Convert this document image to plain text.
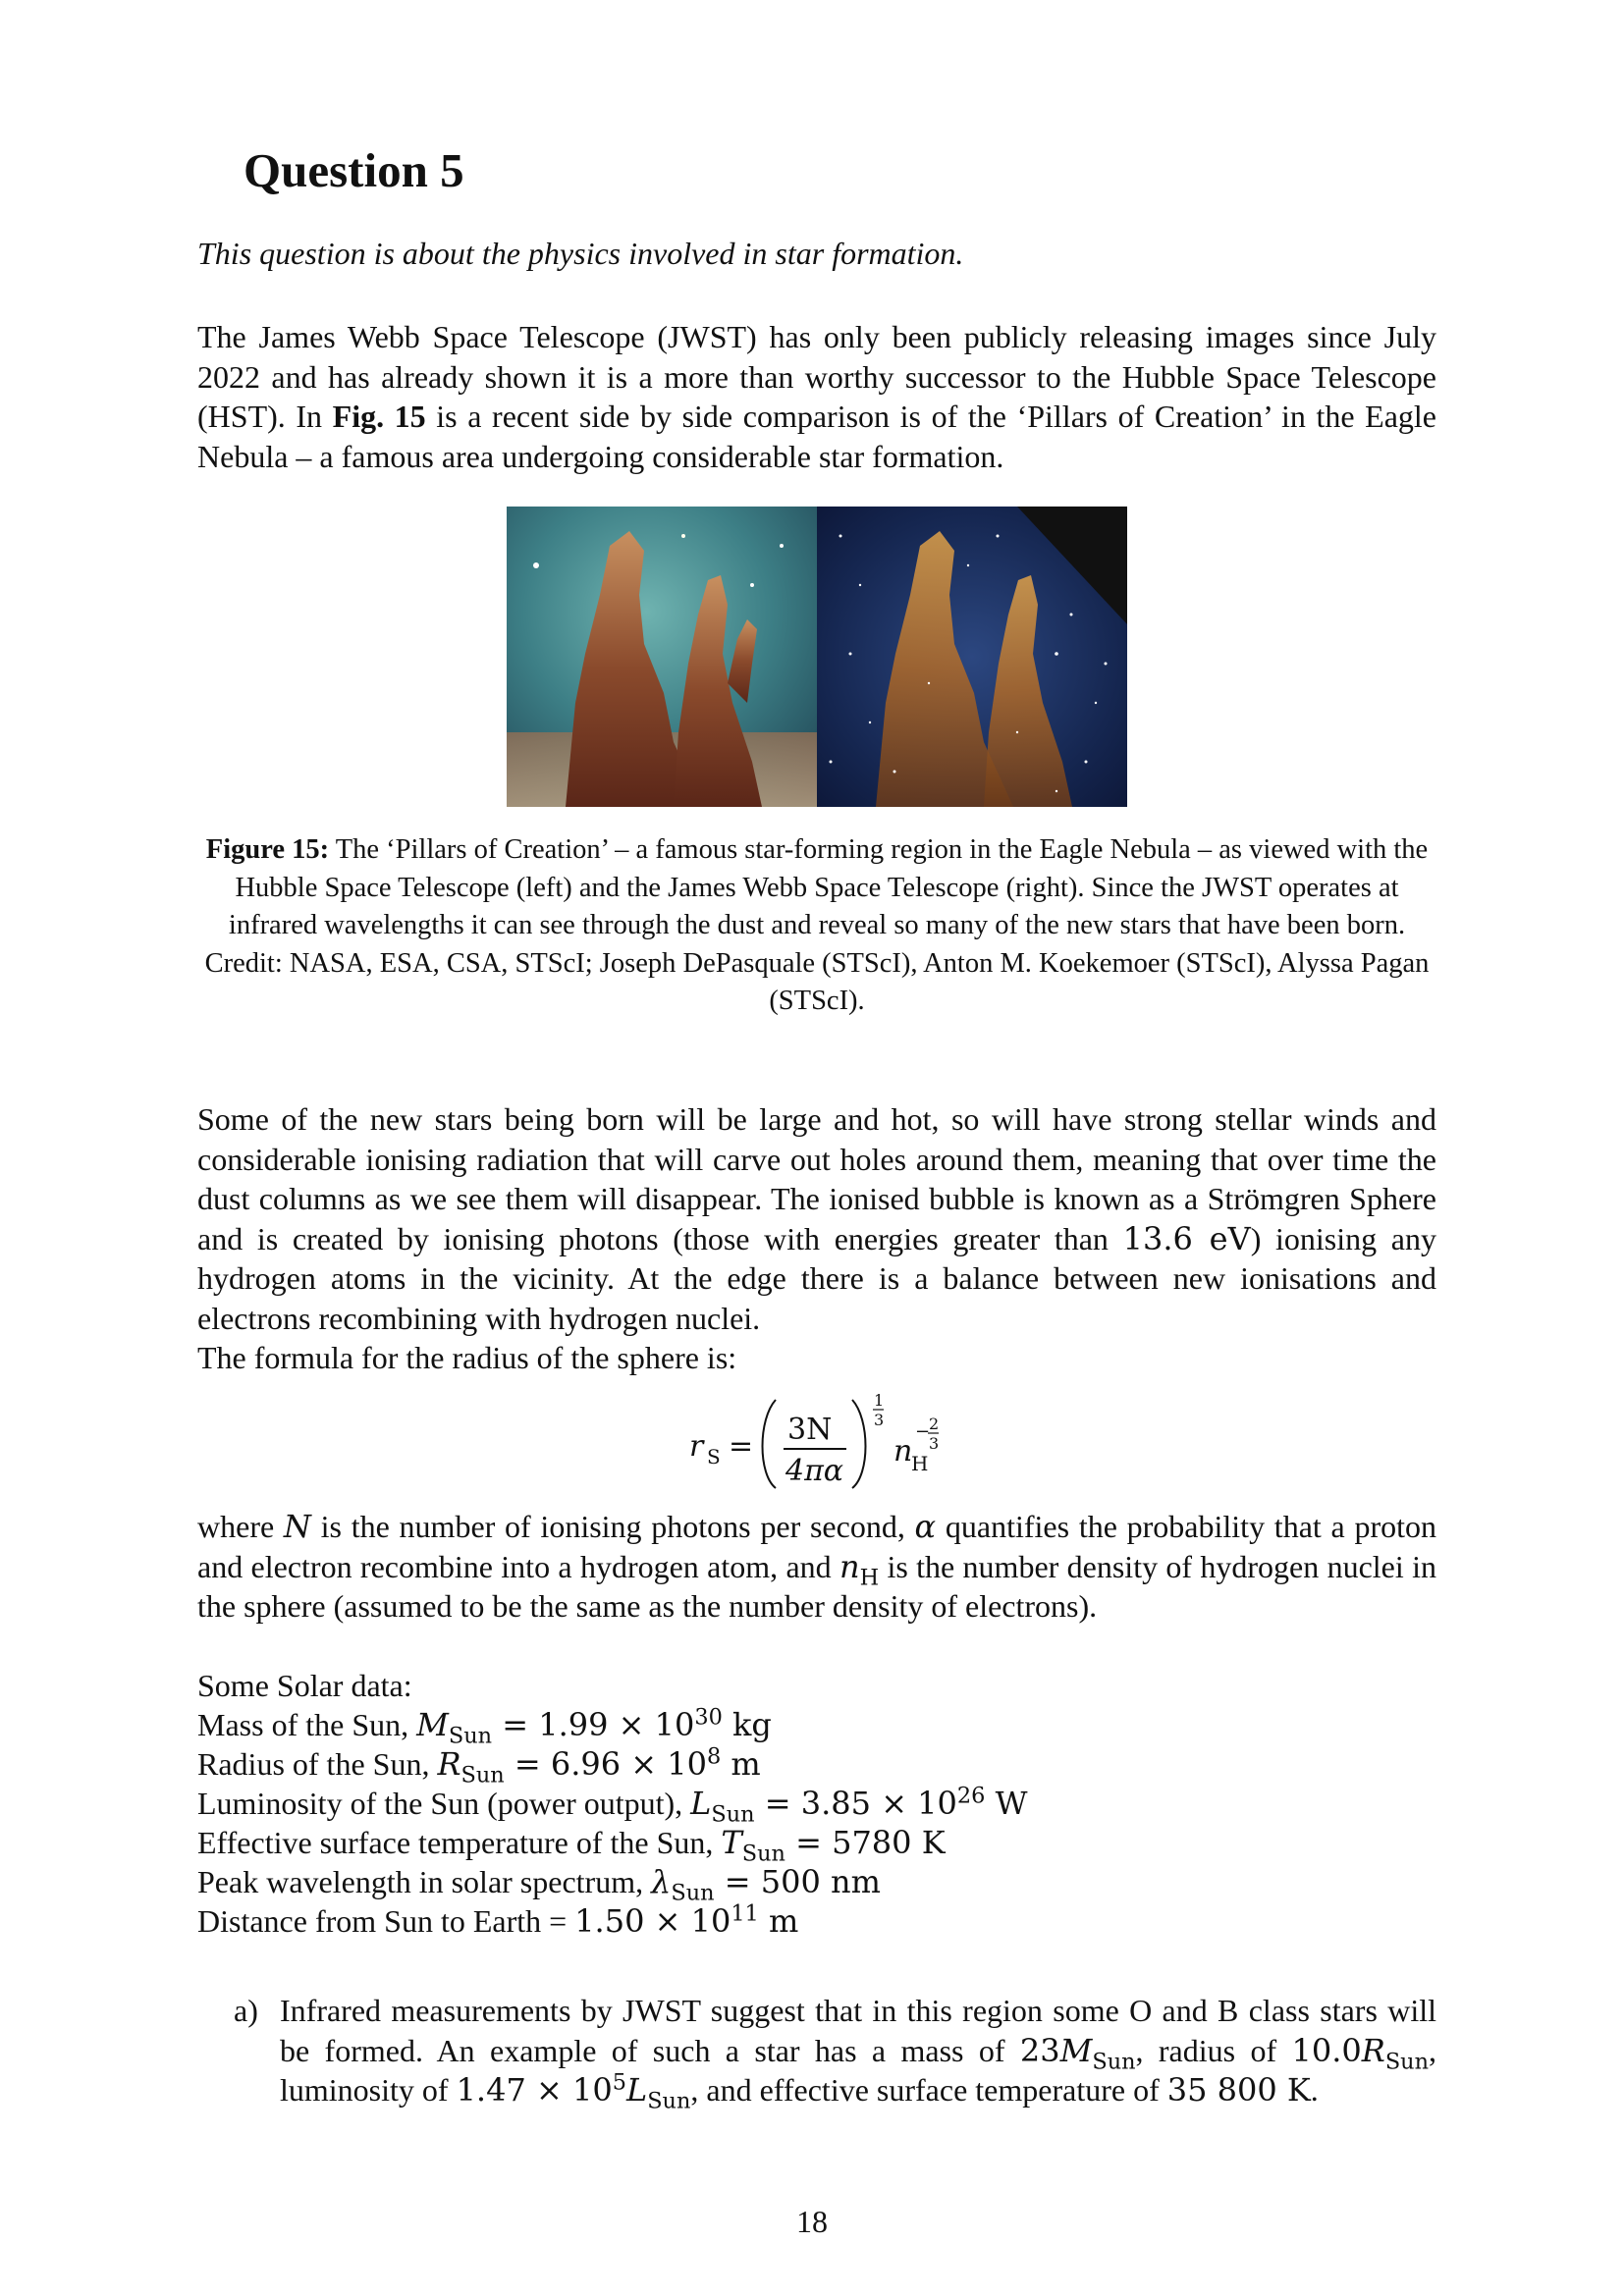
Question 5
This question is about the physics involved in star formation.
The James Webb Space Telescope (JWST) has only been publicly releasing images since July 2022 and has already shown it is a more than worthy successor to the Hubble Space Telescope (HST). In Fig. 15 is a recent side by side comparison is of the ‘Pillars of Creation’ in the Eagle Nebula – a famous area undergoing considerable star formation.
Figure 15: The ‘Pillars of Creation’ – a famous star-forming region in the Eagle Nebula – as viewed with the Hubble Space Telescope (left) and the James Webb Space Telescope (right). Since the JWST operates at infrared wavelengths it can see through the dust and reveal so many of the new stars that have been born. Credit: NASA, ESA, CSA, STScI; Joseph DePasquale (STScI), Anton M. Koekemoer (STScI), Alyssa Pagan (STScI).
Some of the new stars being born will be large and hot, so will have strong stellar winds and considerable ionising radiation that will carve out holes around them, meaning that over time the dust columns as we see them will disappear. The ionised bubble is known as a Strömgren Sphere and is created by ionising photons (those with energies greater than 13.6 eV) ionising any hydrogen atoms in the vicinity. At the edge there is a balance between new ionisations and electrons recombining with hydrogen nuclei.
The formula for the radius of the sphere is:
r S = 3N
4πα
1
3
n
H
−
2
3
where N is the number of ionising photons per second, α quantifies the probability that a proton and electron recombine into a hydrogen atom, and $n_H$ is the number density of hydrogen nuclei in the sphere (assumed to be the same as the number density of electrons).
Some Solar data:
Mass of the Sun, $M_{Sun} = 1.99 \times 10^{30}$ kg
Radius of the Sun, $R_{Sun} = 6.96 \times 10^8$ m
Luminosity of the Sun (power output), $L_{Sun} = 3.85 \times 10^{26}$ W
Effective surface temperature of the Sun, $T_{Sun} = 5780$ K
Peak wavelength in solar spectrum, $\lambda_{Sun} = 500$ nm
Distance from Sun to Earth = $1.50 \times 10^{11}$ m
a) Infrared measurements by JWST suggest that in this region some O and B class stars will be formed. An example of such a star has a mass of $23M_{Sun}$, radius of $10.0R_{Sun}$, luminosity of $1.47 \times 10^5L_{Sun}$, and effective surface temperature of 35 800 K.
18
